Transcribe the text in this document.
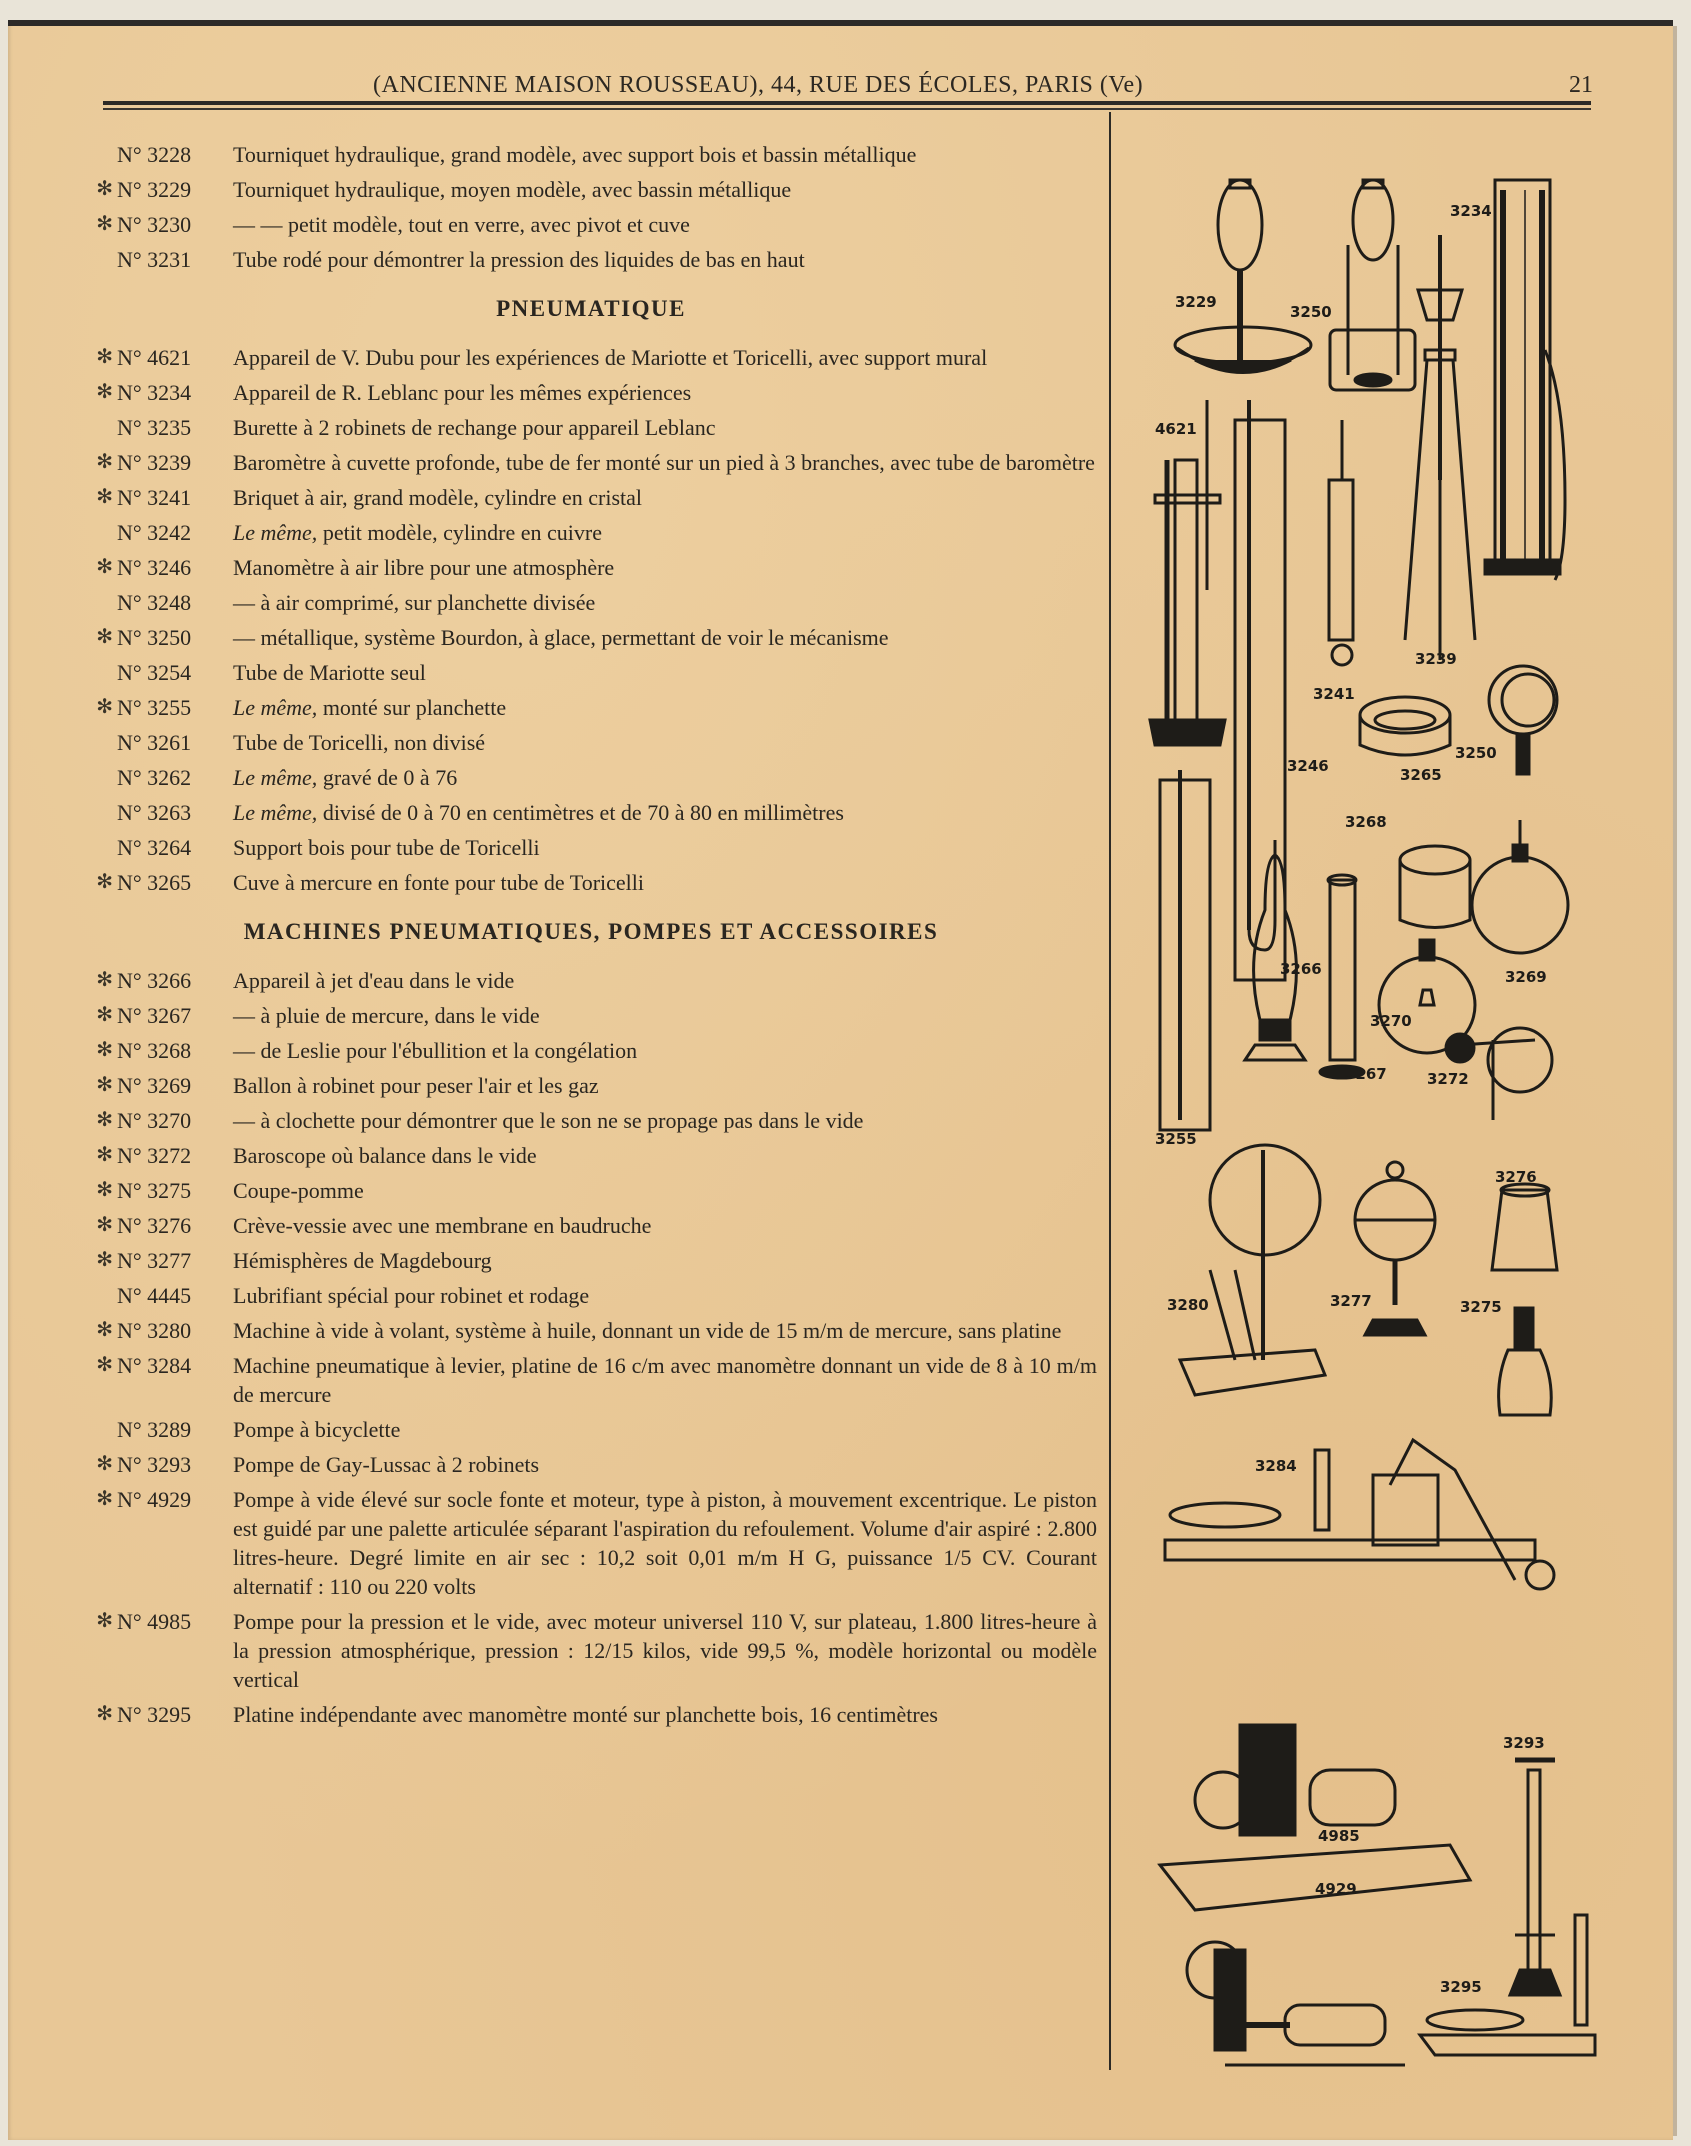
(ANCIENNE MAISON ROUSSEAU), 44, RUE DES ÉCOLES, PARIS (Ve)	21
N° 3228	Tourniquet hydraulique, grand modèle, avec support bois et bassin métallique
✻ N° 3229	Tourniquet hydraulique, moyen modèle, avec bassin métallique
✻ N° 3230	— — petit modèle, tout en verre, avec pivot et cuve
N° 3231	Tube rodé pour démontrer la pression des liquides de bas en haut
PNEUMATIQUE
✻ N° 4621	Appareil de V. Dubu pour les expériences de Mariotte et Toricelli, avec support mural
✻ N° 3234	Appareil de R. Leblanc pour les mêmes expériences
N° 3235	Burette à 2 robinets de rechange pour appareil Leblanc
✻ N° 3239	Baromètre à cuvette profonde, tube de fer monté sur un pied à 3 branches, avec tube de baromètre
✻ N° 3241	Briquet à air, grand modèle, cylindre en cristal
N° 3242	Le même, petit modèle, cylindre en cuivre
✻ N° 3246	Manomètre à air libre pour une atmosphère
N° 3248	— à air comprimé, sur planchette divisée
✻ N° 3250	— métallique, système Bourdon, à glace, permettant de voir le mécanisme
N° 3254	Tube de Mariotte seul
✻ N° 3255	Le même, monté sur planchette
N° 3261	Tube de Toricelli, non divisé
N° 3262	Le même, gravé de 0 à 76
N° 3263	Le même, divisé de 0 à 70 en centimètres et de 70 à 80 en millimètres
N° 3264	Support bois pour tube de Toricelli
✻ N° 3265	Cuve à mercure en fonte pour tube de Toricelli
MACHINES PNEUMATIQUES, POMPES ET ACCESSOIRES
✻ N° 3266	Appareil à jet d'eau dans le vide
✻ N° 3267	— à pluie de mercure, dans le vide
✻ N° 3268	— de Leslie pour l'ébullition et la congélation
✻ N° 3269	Ballon à robinet pour peser l'air et les gaz
✻ N° 3270	— à clochette pour démontrer que le son ne se propage pas dans le vide
✻ N° 3272	Baroscope où balance dans le vide
✻ N° 3275	Coupe-pomme
✻ N° 3276	Crève-vessie avec une membrane en baudruche
✻ N° 3277	Hémisphères de Magdebourg
N° 4445	Lubrifiant spécial pour robinet et rodage
✻ N° 3280	Machine à vide à volant, système à huile, donnant un vide de 15 m/m de mercure, sans platine
✻ N° 3284	Machine pneumatique à levier, platine de 16 c/m avec manomètre donnant un vide de 8 à 10 m/m de mercure
N° 3289	Pompe à bicyclette
✻ N° 3293	Pompe de Gay-Lussac à 2 robinets
✻ N° 4929	Pompe à vide élevé sur socle fonte et moteur, type à piston, à mouvement excentrique. Le piston est guidé par une palette articulée séparant l'aspiration du refoulement. Volume d'air aspiré : 2.800 litres-heure. Degré limite en air sec : 10,2 soit 0,01 m/m H G, puissance 1/5 CV. Courant alternatif : 110 ou 220 volts
✻ N° 4985	Pompe pour la pression et le vide, avec moteur universel 110 V, sur plateau, 1.800 litres-heure à la pression atmosphérique, pression : 12/15 kilos, vide 99,5 %, modèle horizontal ou modèle vertical
✻ N° 3295	Platine indépendante avec manomètre monté sur planchette bois, 16 centimètres
3229
3250
3234
4621
3239
3241
3246	3265
3250
3268
3269
3266
3270
3267	3272
3255
3276
3280	3277	3275
3284
3293
4985
4929
3295
